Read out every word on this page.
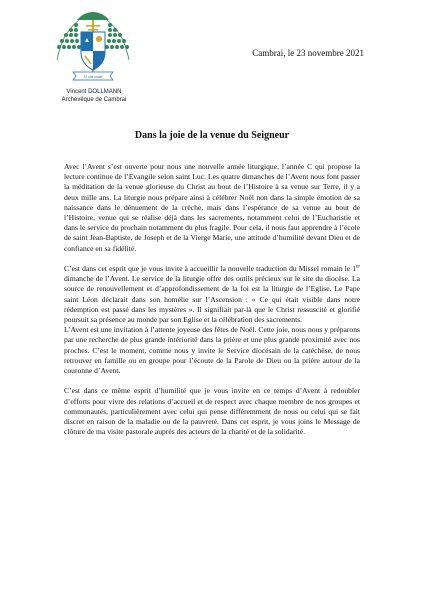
Ut sint unum
Vincent DOLLMANN
Archevêque de Cambrai
Cambrai, le 23 novembre 2021
Dans la joie de la venue du Seigneur

Avec l’Avent s’est ouverte pour nous une nouvelle année liturgique, l’année C qui propose la lecture continue de l’Evangile selon saint Luc. Les quatre dimanches de l’Avent nous font passer la méditation de la venue glorieuse du Christ au bout de l’Histoire à sa venue sur Terre, il y a deux mille ans. La liturgie nous prépare ainsi à célébrer Noël non dans la simple émotion de sa naissance dans le dénuement de la crèche, mais dans l’espérance de sa venue au bout de l’Histoire, venue qui se réalise déjà dans les sacrements, notamment celui de l’Eucharistie et dans le service du prochain notamment du plus fragile. Pour cela, il nous faut apprendre à l’école de saint Jean-Baptiste, de Joseph et de la Vierge Marie, une attitude d’humilité devant Dieu et de confiance en sa fidélité.

C’est dans cet esprit que je vous invite à accueillir la nouvelle traduction du Missel romain le 1er dimanche de l’Avent. Le service de la liturgie offre des outils précieux sur le site du diocèse. La source de renouvellement et d’approfondissement de la foi est la liturgie de l’Eglise. Le Pape saint Léon déclarait dans son homélie sur l’Ascension : « Ce qui était visible dans notre rédemption est passé dans les mystères ». Il signifiait par-là que le Christ ressuscité et glorifié poursuit sa présence au monde par son Eglise et la célébration des sacrements.

L’Avent est une invitation à l’attente joyeuse des fêtes de Noël. Cette joie, nous nous y préparons par une recherche de plus grande intériorité dans la prière et une plus grande proximité avec nos proches. C’est le moment, comme nous y invite le Service diocésain de la catéchèse, de nous retrouver en famille ou en groupe pour l’écoute de la Parole de Dieu ou la prière autour de la couronne d’Avent.

C’est dans ce même esprit d’humilité que je vous invite en ce temps d’Avent à redoubler d’efforts pour vivre des relations d’accueil et de respect avec chaque membre de nos groupes et communautés, particulièrement avec celui qui pense différemment de nous ou celui qui se fait discret en raison de la maladie ou de la pauvreté. Dans cet esprit, je vous joins le Message de clôture de ma visite pastorale auprès des acteurs de la charité et de la solidarité.
